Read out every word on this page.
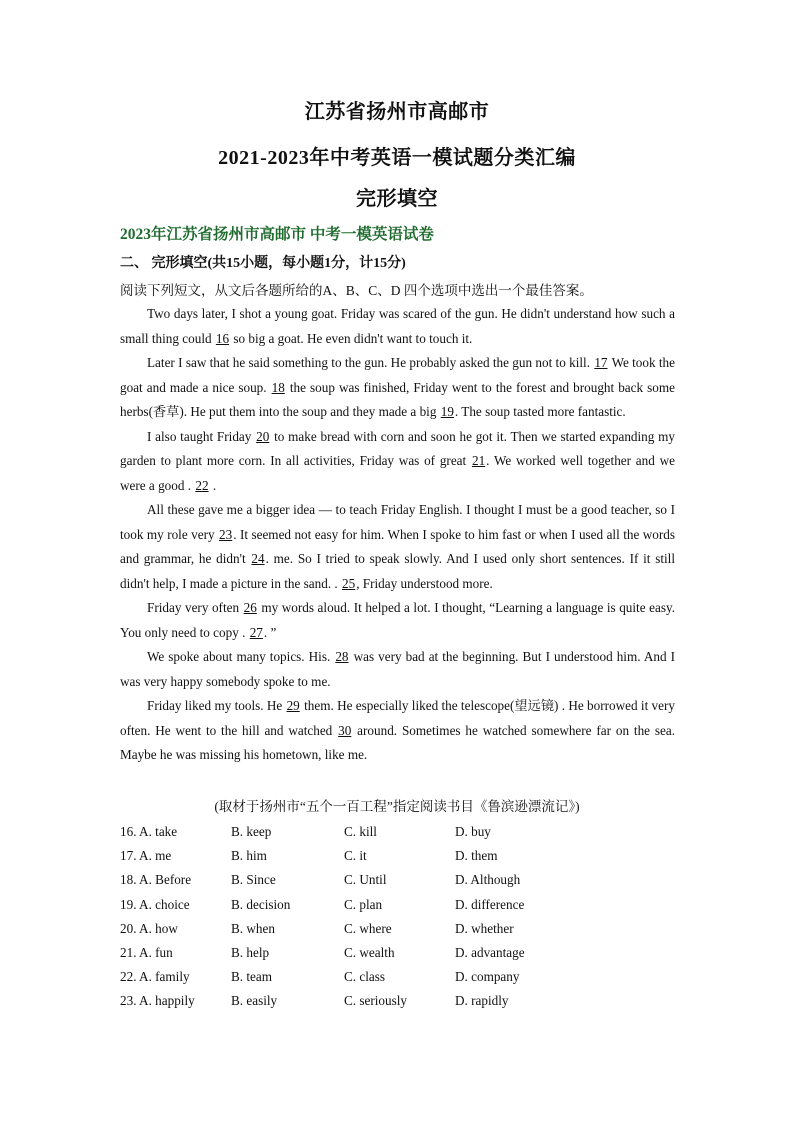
江苏省扬州市高邮市
2021-2023年中考英语一模试题分类汇编
完形填空
2023年江苏省扬州市高邮市 中考一模英语试卷
二、 完形填空(共15小题，每小题1分，计15分)
阅读下列短文，从文后各题所给的A、B、C、D 四个选项中选出一个最佳答案。

Two days later, I shot a young goat. Friday was scared of the gun. He didn't understand how such a small thing could 16 so big a goat. He even didn't want to touch it.

Later I saw that he said something to the gun. He probably asked the gun not to kill. 17 We took the goat and made a nice soup. 18 the soup was finished, Friday went to the forest and brought back some herbs(香草). He put them into the soup and they made a big 19. The soup tasted more fantastic.

I also taught Friday 20 to make bread with corn and soon he got it. Then we started expanding my garden to plant more corn. In all activities, Friday was of great 21. We worked well together and we were a good . 22 .

All these gave me a bigger idea — to teach Friday English. I thought I must be a good teacher, so I took my role very 23. It seemed not easy for him. When I spoke to him fast or when I used all the words and grammar, he didn't 24. me. So I tried to speak slowly. And I used only short sentences. If it still didn't help, I made a picture in the sand. . 25, Friday understood more.

Friday very often 26 my words aloud. It helped a lot. I thought, “Learning a language is quite easy. You only need to copy . 27. ”

We spoke about many topics. His. 28 was very bad at the beginning. But I understood him. And I was very happy somebody spoke to me.

Friday liked my tools. He 29 them. He especially liked the telescope(望远镜) . He borrowed it very often. He went to the hill and watched 30 around. Sometimes he watched somewhere far on the sea. Maybe he was missing his hometown, like me.

(取材于扬州市“五个一百工程”指定阅读书目《鲁滨逊漂流记》)
16. A. take	B. keep	C. kill	D. buy
17. A. me	B. him	C. it	D. them
18. A. Before	B. Since	C. Until	D. Although
19. A. choice	B. decision	C. plan	D. difference
20. A. how	B. when	C. where	D. whether
21. A. fun	B. help	C. wealth	D. advantage
22. A. family	B. team	C. class	D. company
23. A. happily	B. easily	C. seriously	D. rapidly
